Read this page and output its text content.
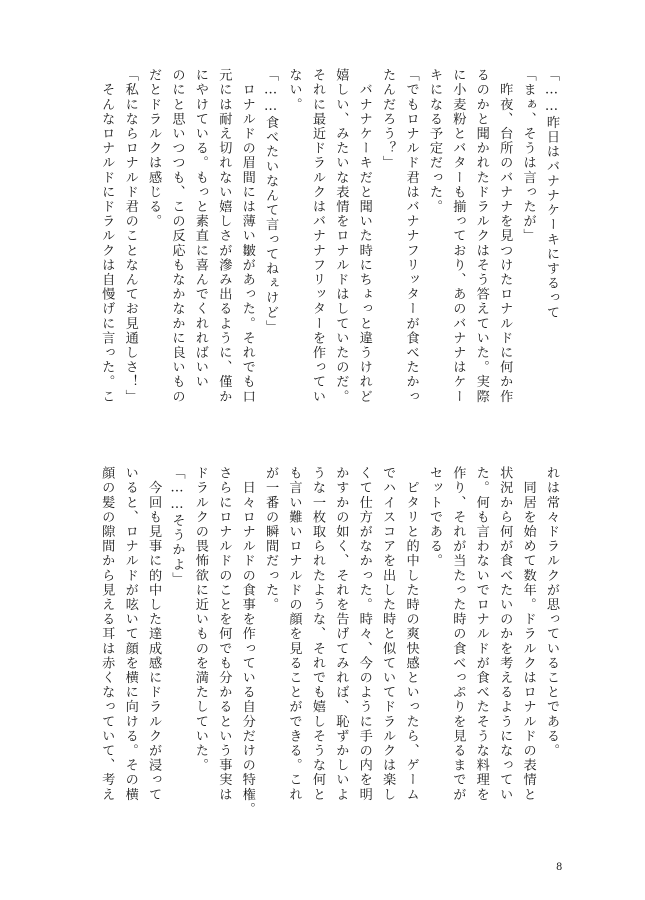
「……昨日はバナナケーキにするって
「まぁ、そうは言ったが」
　昨夜、台所のバナナを見つけたロナルドに何か作
るのかと聞かれたドラルクはそう答えていた。実際
に小麦粉とバターも揃っており、あのバナナはケー
キになる予定だった。
「でもロナルド君はバナナフリッターが食べたかっ
たんだろう？」
　バナナケーキだと聞いた時にちょっと違うけれど
嬉しい、みたいな表情をロナルドはしていたのだ。
それに最近ドラルクはバナナフリッターを作ってい
ない。
「……食べたいなんて言ってねぇけど」
　ロナルドの眉間には薄い皺があった。それでも口
元には耐え切れない嬉しさが滲み出るように、僅か
にやけている。もっと素直に喜んでくれればいい
のにと思いつつも、この反応もなかなかに良いもの
だとドラルクは感じる。
「私にならロナルド君のことなんてお見通しさ！」
　そんなロナルドにドラルクは自慢げに言った。こ
れは常々ドラルクが思っていることである。
　同居を始めて数年。ドラルクはロナルドの表情と
状況から何が食べたいのかを考えるようになってい
た。何も言わないでロナルドが食べたそうな料理を
作り、それが当たった時の食べっぷりを見るまでが
セットである。
　ピタリと的中した時の爽快感といったら、ゲーム
でハイスコアを出した時と似ていてドラルクは楽し
くて仕方がなかった。時々、今のように手の内を明
かすかの如く、それを告げてみれば、恥ずかしいよ
うな一枚取られたような、それでも嬉しそうな何と
も言い難いロナルドの顔を見ることができる。これ
が一番の瞬間だった。
　日々ロナルドの食事を作っている自分だけの特権。
さらにロナルドのことを何でも分かるという事実は
ドラルクの畏怖欲に近いものを満たしていた。
「……そうかよ」
　今回も見事に的中した達成感にドラルクが浸って
いると、ロナルドが呟いて顔を横に向ける。その横
顔の髪の隙間から見える耳は赤くなっていて、考え
8
